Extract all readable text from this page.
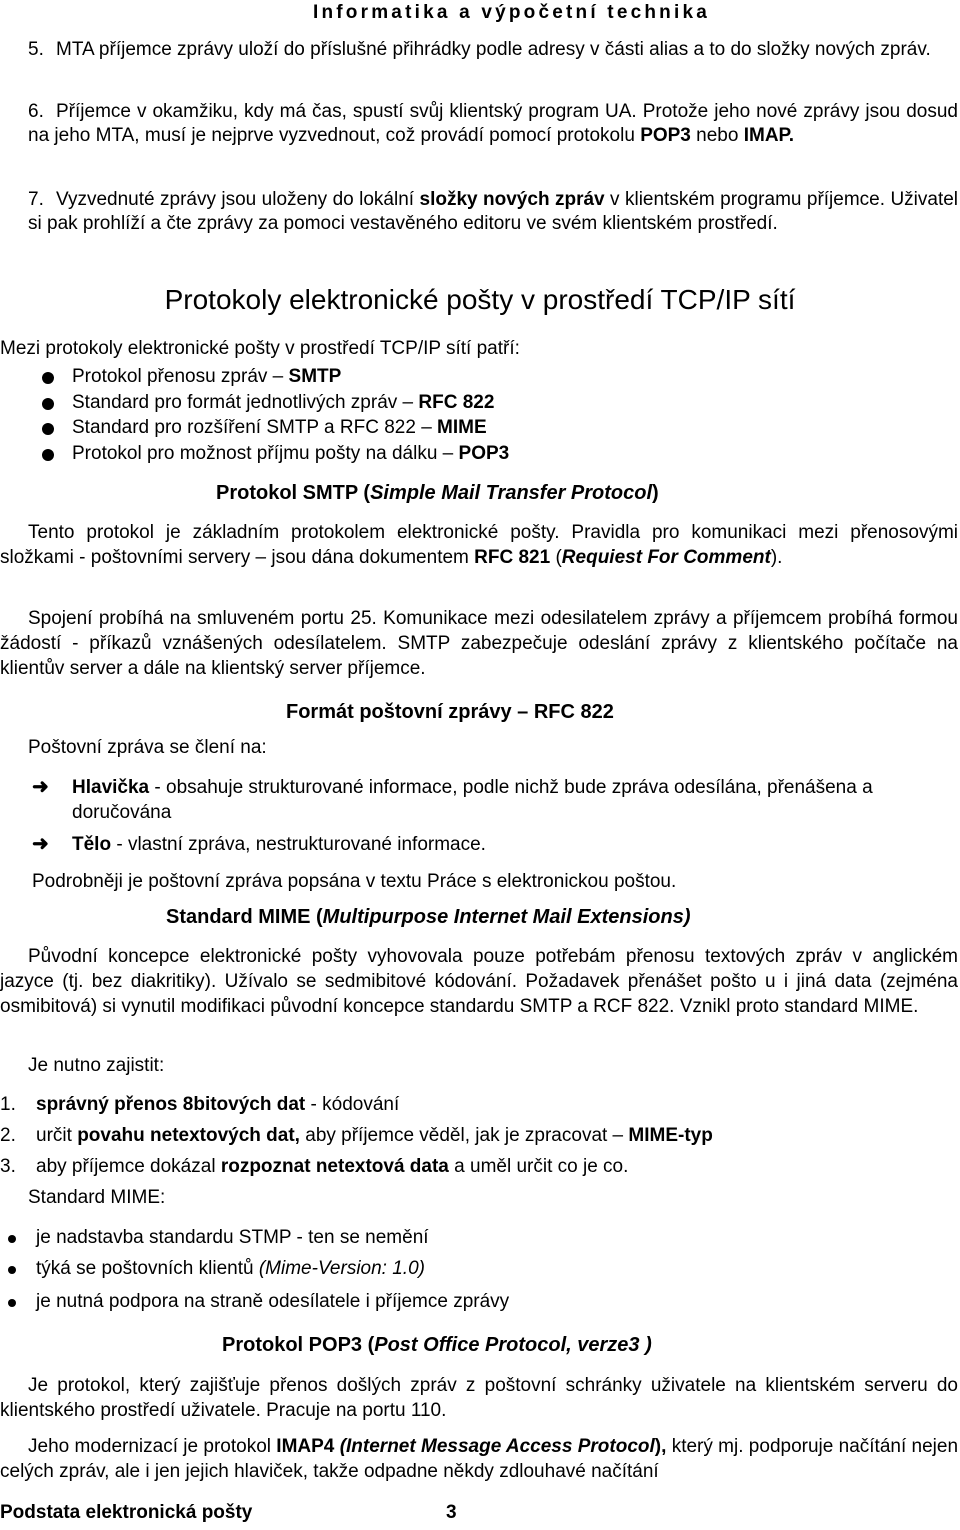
Informatika a výpočetní technika
5. MTA příjemce zprávy uloží do příslušné přihrádky podle adresy v části alias a to do složky nových zpráv.
6. Příjemce v okamžiku, kdy má čas, spustí svůj klientský program UA. Protože jeho nové zprávy jsou dosud na jeho MTA, musí je nejprve vyzvednout, což provádí pomocí protokolu POP3 nebo IMAP.
7. Vyzvednuté zprávy jsou uloženy do lokální složky nových zpráv v klientském programu příjemce. Uživatel si pak prohlíží a čte zprávy za pomoci vestavěného editoru ve svém klientském prostředí.
Protokoly elektronické pošty v prostředí TCP/IP sítí
Mezi protokoly elektronické pošty v prostředí TCP/IP sítí patří:
Protokol přenosu zpráv – SMTP
Standard pro formát jednotlivých zpráv – RFC 822
Standard pro rozšíření SMTP a RFC 822 – MIME
Protokol pro možnost příjmu pošty na dálku – POP3
Protokol SMTP (Simple Mail Transfer Protocol)
Tento protokol je základním protokolem elektronické pošty. Pravidla pro komunikaci mezi přenosovými složkami - poštovními servery – jsou dána dokumentem RFC 821 (Requiest For Comment).
Spojení probíhá na smluveném portu 25. Komunikace mezi odesilatelem zprávy a příjemcem probíhá formou žádostí - příkazů vznášených odesílatelem. SMTP zabezpečuje odeslání zprávy z klientského počítače na klientův server a dále na klientský server příjemce.
Formát poštovní zprávy – RFC 822
Poštovní zpráva se člení na:
➜ Hlavička - obsahuje strukturované informace, podle nichž bude zpráva odesílána, přenášena a doručována
➜ Tělo - vlastní zpráva, nestrukturované informace.
Podrobněji je poštovní zpráva popsána v textu Práce s elektronickou poštou.
Standard MIME (Multipurpose Internet Mail Extensions)
Původní koncepce elektronické pošty vyhovovala pouze potřebám přenosu textových zpráv v anglickém jazyce (tj. bez diakritiky). Užívalo se sedmibitové kódování. Požadavek přenášet pošto u i jiná data (zejména osmibitová) si vynutil modifikaci původní koncepce standardu SMTP a RCF 822. Vznikl proto standard MIME.
Je nutno zajistit:
1. správný přenos 8bitových dat - kódování
2. určit povahu netextových dat, aby příjemce věděl, jak je zpracovat – MIME-typ
3. aby příjemce dokázal rozpoznat netextová data a uměl určit co je co.
Standard MIME:
je nadstavba standardu STMP - ten se nemění
týká se poštovních klientů (Mime-Version: 1.0)
je nutná podpora na straně odesílatele i příjemce zprávy
Protokol POP3 (Post Office Protocol, verze3 )
Je protokol, který zajišťuje přenos došlých zpráv z poštovní schránky uživatele na klientském serveru do klientského prostředí uživatele. Pracuje na portu 110.
Jeho modernizací je protokol IMAP4 (Internet Message Access Protocol), který mj. podporuje načítání nejen celých zpráv, ale i jen jejich hlaviček, takže odpadne někdy zdlouhavé načítání
Podstata elektronická pošty	3
